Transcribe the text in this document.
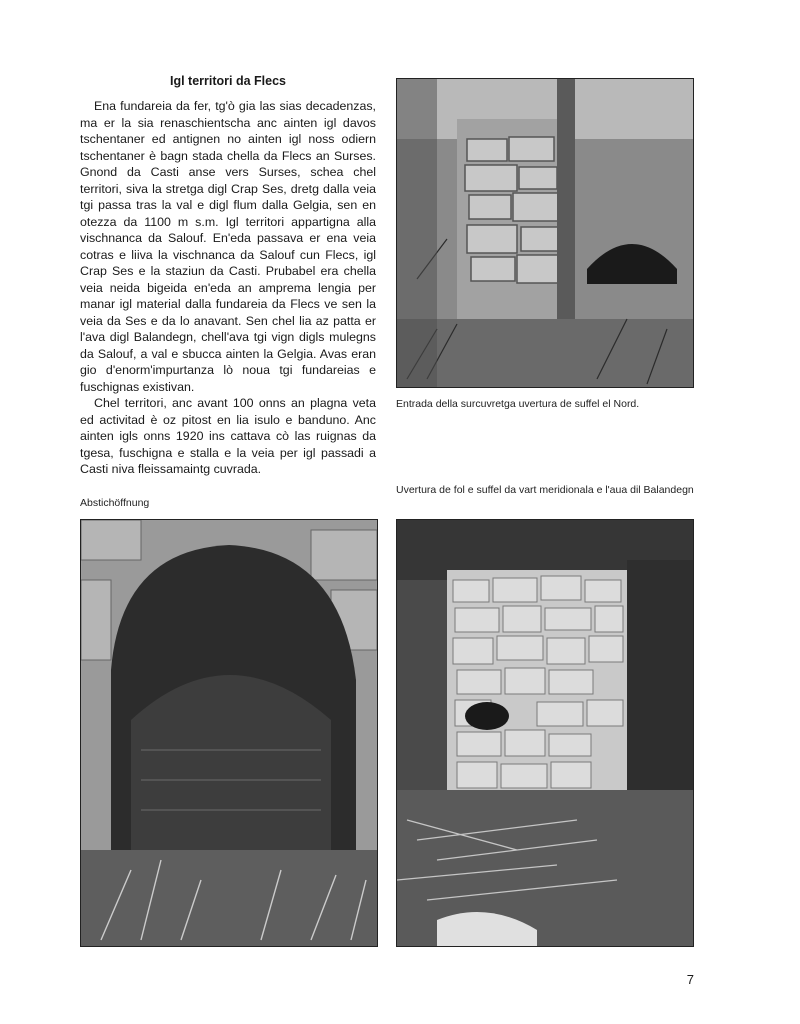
Igl territori da Flecs

Ena fundareia da fer, tg'ò gia las sias decadenzas, ma er la sia renaschientscha anc ainten igl davos tschentaner ed antignen no ainten igl noss odiern tschentaner è bagn stada chella da Flecs an Surses. Gnond da Casti anse vers Surses, schea chel territori, siva la stretga digl Crap Ses, dretg dalla veia tgi passa tras la val e digl flum dalla Gelgia, sen en otezza da 1100 m s.m. Igl territori appartigna alla vischnanca da Salouf. En'eda passava er ena veia cotras e liiva la vischnanca da Salouf cun Flecs, igl Crap Ses e la staziun da Casti. Prubabel era chella veia neida bigeida en'eda an amprema lengia per manar igl material dalla fundareia da Flecs ve sen la veia da Ses e da lo anavant. Sen chel lia az patta er l'ava digl Balandegn, chell'ava tgi vign digls mulegns da Salouf, a val e sbucca ainten la Gelgia. Avas eran gio d'enorm'impurtanza lò noua tgi fundareias e fuschignas existivan.

Chel territori, anc avant 100 onns an plagna veta ed activitad è oz pitost en lia isulo e banduno. Anc ainten igls onns 1920 ins cattava cò las ruignas da tgesa, fuschigna e stalla e la veia per igl passadi a Casti niva fleissamaintg cuvrada.

Entrada della surcuvretga uvertura de suffel el Nord.

Abstichöffnung

Uvertura de fol e suffel da vart meridionala e l'aua dil Balandegn

7
